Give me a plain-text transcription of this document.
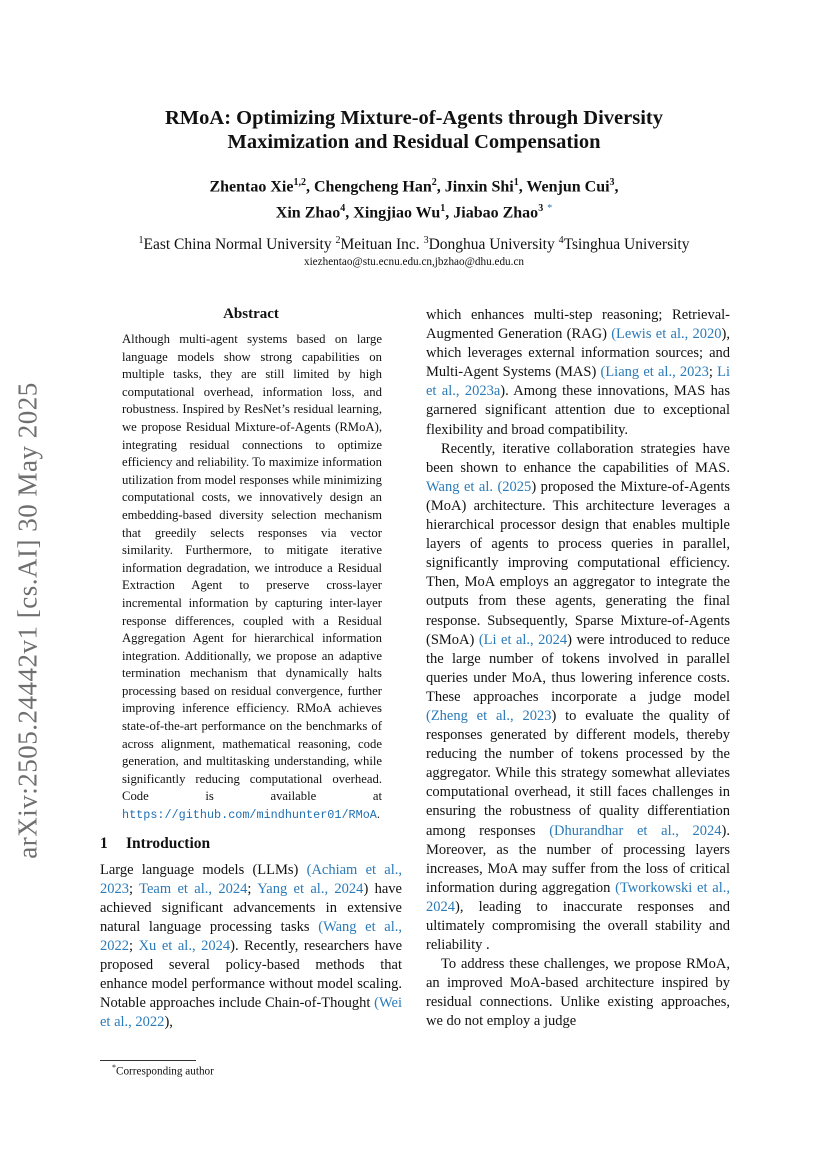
arXiv:2505.24442v1 [cs.AI] 30 May 2025
RMoA: Optimizing Mixture-of-Agents through Diversity
Maximization and Residual Compensation
Zhentao Xie$^{1,2}$, Chengcheng Han$^2$, Jinxin Shi$^1$, Wenjun Cui$^3$,
Xin Zhao$^4$, Xingjiao Wu$^1$, Jiabao Zhao$^3$ *
$^1$East China Normal University $^2$Meituan Inc. $^3$Donghua University $^4$Tsinghua University
xiezhentao@stu.ecnu.edu.cn,jbzhao@dhu.edu.cn
Abstract
Although multi-agent systems based on large language models show strong capabilities on multiple tasks, they are still limited by high computational overhead, information loss, and robustness. Inspired by ResNet’s residual learning, we propose Residual Mixture-of-Agents (RMoA), integrating residual connections to optimize efficiency and reliability. To maximize information utilization from model responses while minimizing computational costs, we innovatively design an embedding-based diversity selection mechanism that greedily selects responses via vector similarity. Furthermore, to mitigate iterative information degradation, we introduce a Residual Extraction Agent to preserve cross-layer incremental information by capturing inter-layer response differences, coupled with a Residual Aggregation Agent for hierarchical information integration. Additionally, we propose an adaptive termination mechanism that dynamically halts processing based on residual convergence, further improving inference efficiency. RMoA achieves state-of-the-art performance on the benchmarks of across alignment, mathematical reasoning, code generation, and multitasking understanding, while significantly reducing computational overhead. Code is available at https://github.com/mindhunter01/RMoA.
1 Introduction

Large language models (LLMs) (Achiam et al., 2023; Team et al., 2024; Yang et al., 2024) have achieved significant advancements in extensive natural language processing tasks (Wang et al., 2022; Xu et al., 2024). Recently, researchers have proposed several policy-based methods that enhance model performance without model scaling. Notable approaches include Chain-of-Thought (Wei et al., 2022),

which enhances multi-step reasoning; Retrieval-Augmented Generation (RAG) (Lewis et al., 2020), which leverages external information sources; and Multi-Agent Systems (MAS) (Liang et al., 2023; Li et al., 2023a). Among these innovations, MAS has garnered significant attention due to exceptional flexibility and broad compatibility.

Recently, iterative collaboration strategies have been shown to enhance the capabilities of MAS. Wang et al. (2025) proposed the Mixture-of-Agents (MoA) architecture. This architecture leverages a hierarchical processor design that enables multiple layers of agents to process queries in parallel, significantly improving computational efficiency. Then, MoA employs an aggregator to integrate the outputs from these agents, generating the final response. Subsequently, Sparse Mixture-of-Agents (SMoA) (Li et al., 2024) were introduced to reduce the large number of tokens involved in parallel queries under MoA, thus lowering inference costs. These approaches incorporate a judge model (Zheng et al., 2023) to evaluate the quality of responses generated by different models, thereby reducing the number of tokens processed by the aggregator. While this strategy somewhat alleviates computational overhead, it still faces challenges in ensuring the robustness of quality differentiation among responses (Dhurandhar et al., 2024). Moreover, as the number of processing layers increases, MoA may suffer from the loss of critical information during aggregation (Tworkowski et al., 2024), leading to inaccurate responses and ultimately compromising the overall stability and reliability .

To address these challenges, we propose RMoA, an improved MoA-based architecture inspired by residual connections. Unlike existing approaches, we do not employ a judge

*Corresponding author
